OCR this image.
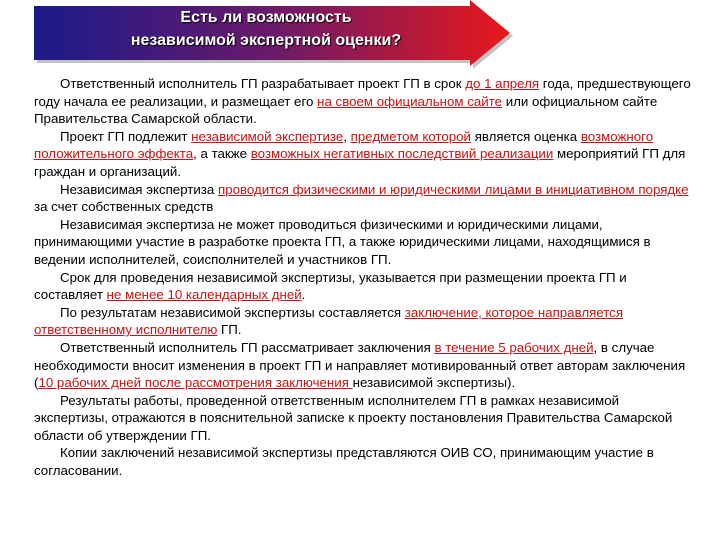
Есть ли возможность
независимой экспертной оценки?

Ответственный исполнитель ГП разрабатывает проект ГП в срок до 1 апреля года, предшествующего году начала ее реализации, и размещает его на своем официальном сайте или официальном сайте Правительства Самарской области.

Проект ГП подлежит независимой экспертизе, предметом которой является оценка возможного положительного эффекта, а также возможных негативных последствий реализации мероприятий ГП для граждан и организаций.

Независимая экспертиза проводится физическими и юридическими лицами в инициативном порядке за счет собственных средств

Независимая экспертиза не может проводиться физическими и юридическими лицами, принимающими участие в разработке проекта ГП, а также юридическими лицами, находящимися в ведении исполнителей, соисполнителей и участников ГП.

Срок для проведения независимой экспертизы, указывается при размещении проекта ГП и составляет не менее 10 календарных дней.

По результатам независимой экспертизы составляется заключение, которое направляется ответственному исполнителю ГП.

Ответственный исполнитель ГП рассматривает заключения в течение 5 рабочих дней, в случае необходимости вносит изменения в проект ГП и направляет мотивированный ответ авторам заключения (10 рабочих дней после рассмотрения заключения независимой экспертизы).

Результаты работы, проведенной ответственным исполнителем ГП в рамках независимой экспертизы, отражаются в пояснительной записке к проекту постановления Правительства Самарской области об утверждении ГП.

Копии заключений независимой экспертизы представляются ОИВ СО, принимающим участие в согласовании.
